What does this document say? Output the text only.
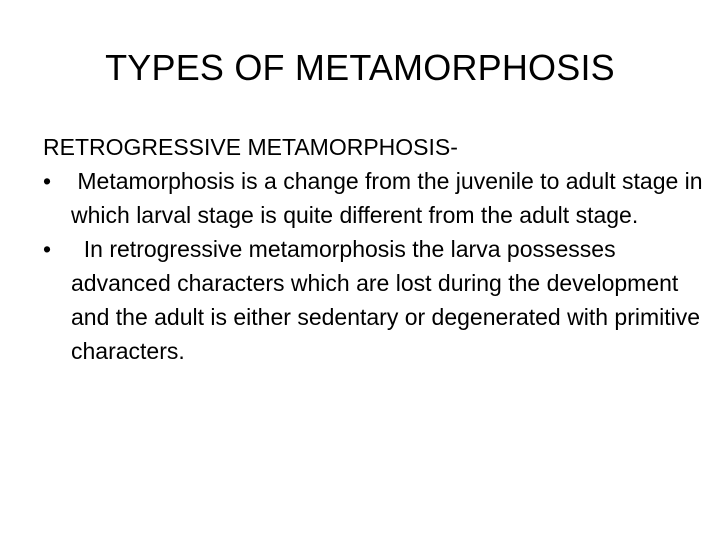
TYPES OF METAMORPHOSIS

RETROGRESSIVE METAMORPHOSIS-

• Metamorphosis is a change from the juvenile to adult stage in which larval stage is quite different from the adult stage.
• In retrogressive metamorphosis the larva possesses advanced characters which are lost during the development and the adult is either sedentary or degenerated with primitive characters.
